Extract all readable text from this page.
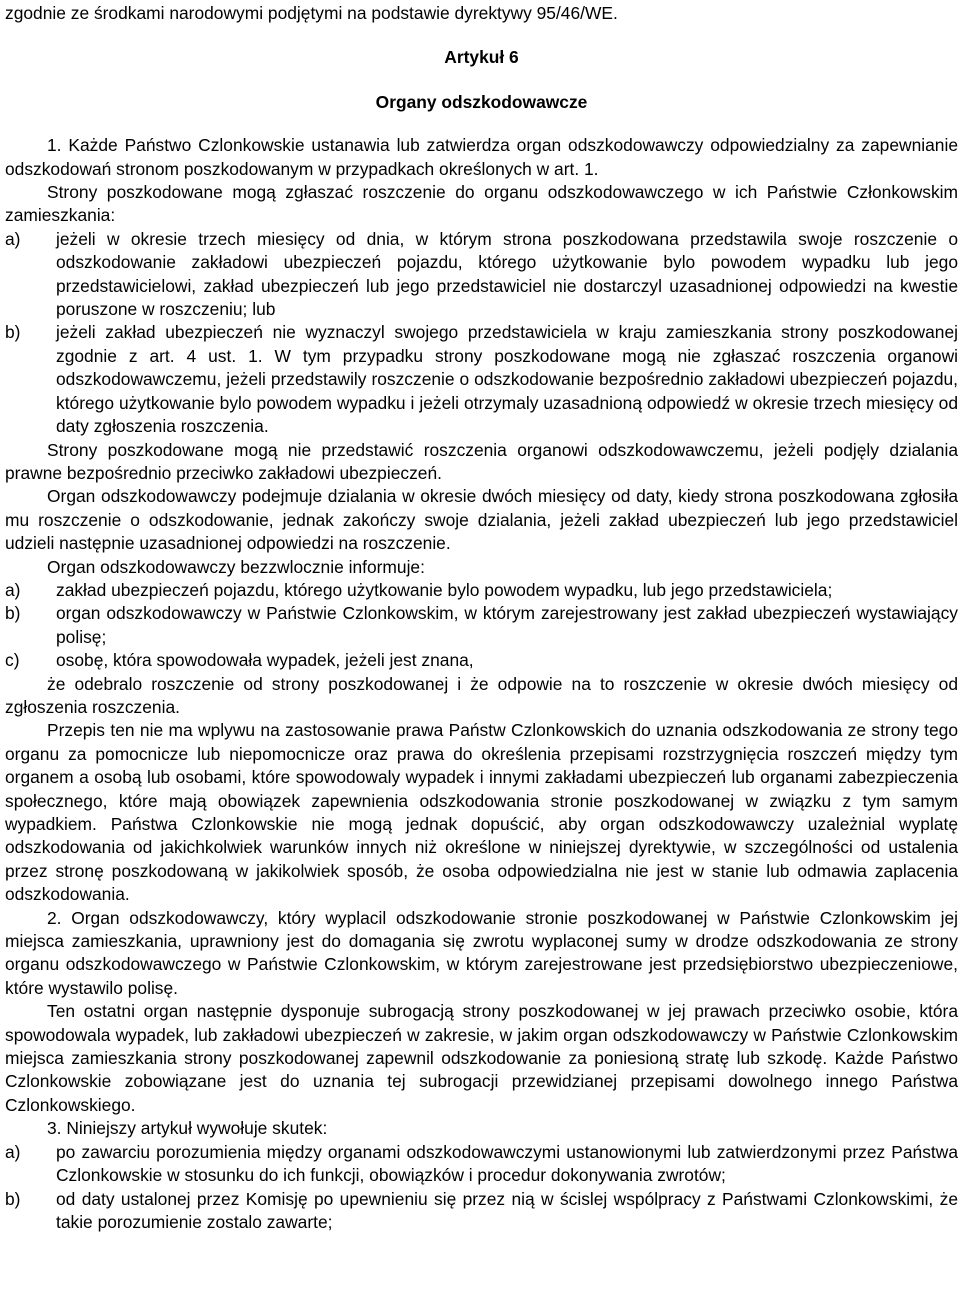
zgodnie ze środkami narodowymi podjętymi na podstawie dyrektywy 95/46/WE.

Artykuł 6

Organy odszkodowawcze

1. Każde Państwo Czlonkowskie ustanawia lub zatwierdza organ odszkodowawczy odpowiedzialny za zapewnianie odszkodowań stronom poszkodowanym w przypadkach określonych w art. 1.

Strony poszkodowane mogą zgłaszać roszczenie do organu odszkodowawczego w ich Państwie Członkowskim zamieszkania:

a)	jeżeli w okresie trzech miesięcy od dnia, w którym strona poszkodowana przedstawila swoje roszczenie o odszkodowanie zakładowi ubezpieczeń pojazdu, którego użytkowanie bylo powodem wypadku lub jego przedstawicielowi, zakład ubezpieczeń lub jego przedstawiciel nie dostarczyl uzasadnionej odpowiedzi na kwestie poruszone w roszczeniu; lub
b)	jeżeli zakład ubezpieczeń nie wyznaczyl swojego przedstawiciela w kraju zamieszkania strony poszkodowanej zgodnie z art. 4 ust. 1. W tym przypadku strony poszkodowane mogą nie zgłaszać roszczenia organowi odszkodowawczemu, jeżeli przedstawily roszczenie o odszkodowanie bezpośrednio zakładowi ubezpieczeń pojazdu, którego użytkowanie bylo powodem wypadku i jeżeli otrzymaly uzasadnioną odpowiedź w okresie trzech miesięcy od daty zgłoszenia roszczenia.

Strony poszkodowane mogą nie przedstawić roszczenia organowi odszkodowawczemu, jeżeli podjęly dzialania prawne bezpośrednio przeciwko zakładowi ubezpieczeń.

Organ odszkodowawczy podejmuje dzialania w okresie dwóch miesięcy od daty, kiedy strona poszkodowana zgłosiła mu roszczenie o odszkodowanie, jednak zakończy swoje dzialania, jeżeli zakład ubezpieczeń lub jego przedstawiciel udzieli następnie uzasadnionej odpowiedzi na roszczenie.

Organ odszkodowawczy bezzwlocznie informuje:

a)	zakład ubezpieczeń pojazdu, którego użytkowanie bylo powodem wypadku, lub jego przedstawiciela;
b)	organ odszkodowawczy w Państwie Czlonkowskim, w którym zarejestrowany jest zakład ubezpieczeń wystawiający polisę;
c)	osobę, która spowodowała wypadek, jeżeli jest znana,

że odebralo roszczenie od strony poszkodowanej i że odpowie na to roszczenie w okresie dwóch miesięcy od zgłoszenia roszczenia.

Przepis ten nie ma wplywu na zastosowanie prawa Państw Czlonkowskich do uznania odszkodowania ze strony tego organu za pomocnicze lub niepomocnicze oraz prawa do określenia przepisami rozstrzygnięcia roszczeń między tym organem a osobą lub osobami, które spowodowaly wypadek i innymi zakładami ubezpieczeń lub organami zabezpieczenia społecznego, które mają obowiązek zapewnienia odszkodowania stronie poszkodowanej w związku z tym samym wypadkiem. Państwa Czlonkowskie nie mogą jednak dopuścić, aby organ odszkodowawczy uzależnial wyplatę odszkodowania od jakichkolwiek warunków innych niż określone w niniejszej dyrektywie, w szczególności od ustalenia przez stronę poszkodowaną w jakikolwiek sposób, że osoba odpowiedzialna nie jest w stanie lub odmawia zaplacenia odszkodowania.

2. Organ odszkodowawczy, który wyplacil odszkodowanie stronie poszkodowanej w Państwie Czlonkowskim jej miejsca zamieszkania, uprawniony jest do domagania się zwrotu wyplaconej sumy w drodze odszkodowania ze strony organu odszkodowawczego w Państwie Czlonkowskim, w którym zarejestrowane jest przedsiębiorstwo ubezpieczeniowe, które wystawilo polisę.

Ten ostatni organ następnie dysponuje subrogacją strony poszkodowanej w jej prawach przeciwko osobie, która spowodowala wypadek, lub zakładowi ubezpieczeń w zakresie, w jakim organ odszkodowawczy w Państwie Czlonkowskim miejsca zamieszkania strony poszkodowanej zapewnil odszkodowanie za poniesioną stratę lub szkodę. Każde Państwo Czlonkowskie zobowiązane jest do uznania tej subrogacji przewidzianej przepisami dowolnego innego Państwa Czlonkowskiego.

3. Niniejszy artykuł wywołuje skutek:

a)	po zawarciu porozumienia między organami odszkodowawczymi ustanowionymi lub zatwierdzonymi przez Państwa Czlonkowskie w stosunku do ich funkcji, obowiązków i procedur dokonywania zwrotów;
b)	od daty ustalonej przez Komisję po upewnieniu się przez nią w ścislej wspólpracy z Państwami Czlonkowskimi, że takie porozumienie zostalo zawarte;
